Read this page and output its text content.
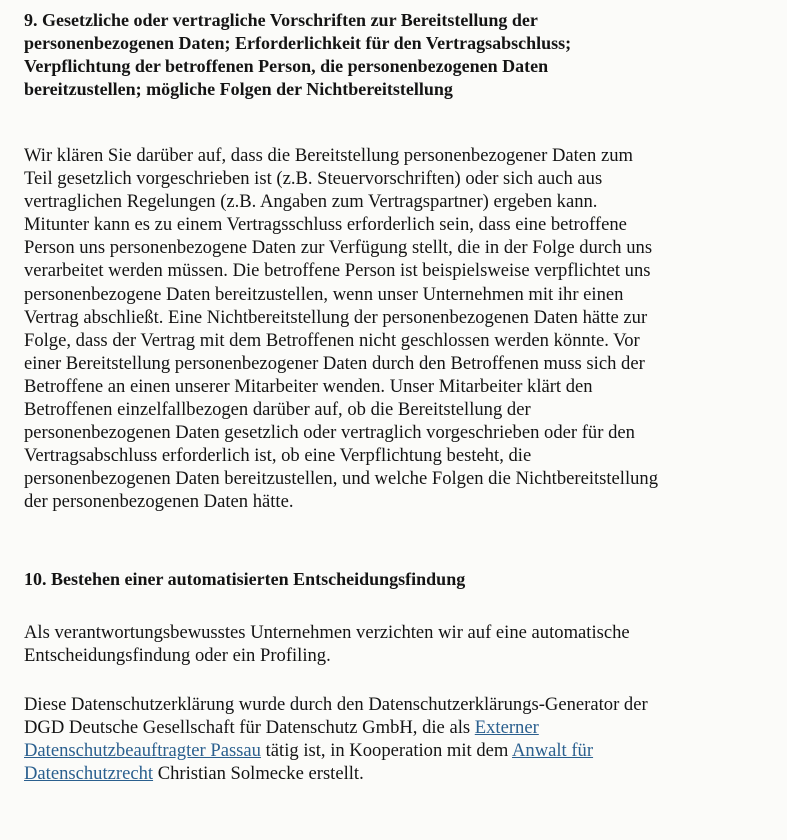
9. Gesetzliche oder vertragliche Vorschriften zur Bereitstellung der
personenbezogenen Daten; Erforderlichkeit für den Vertragsabschluss;
Verpflichtung der betroffenen Person, die personenbezogenen Daten
bereitzustellen; mögliche Folgen der Nichtbereitstellung

Wir klären Sie darüber auf, dass die Bereitstellung personenbezogener Daten zum
Teil gesetzlich vorgeschrieben ist (z.B. Steuervorschriften) oder sich auch aus
vertraglichen Regelungen (z.B. Angaben zum Vertragspartner) ergeben kann.
Mitunter kann es zu einem Vertragsschluss erforderlich sein, dass eine betroffene
Person uns personenbezogene Daten zur Verfügung stellt, die in der Folge durch uns
verarbeitet werden müssen. Die betroffene Person ist beispielsweise verpflichtet uns
personenbezogene Daten bereitzustellen, wenn unser Unternehmen mit ihr einen
Vertrag abschließt. Eine Nichtbereitstellung der personenbezogenen Daten hätte zur
Folge, dass der Vertrag mit dem Betroffenen nicht geschlossen werden könnte. Vor
einer Bereitstellung personenbezogener Daten durch den Betroffenen muss sich der
Betroffene an einen unserer Mitarbeiter wenden. Unser Mitarbeiter klärt den
Betroffenen einzelfallbezogen darüber auf, ob die Bereitstellung der
personenbezogenen Daten gesetzlich oder vertraglich vorgeschrieben oder für den
Vertragsabschluss erforderlich ist, ob eine Verpflichtung besteht, die
personenbezogenen Daten bereitzustellen, und welche Folgen die Nichtbereitstellung
der personenbezogenen Daten hätte.

10. Bestehen einer automatisierten Entscheidungsfindung

Als verantwortungsbewusstes Unternehmen verzichten wir auf eine automatische
Entscheidungsfindung oder ein Profiling.

Diese Datenschutzerklärung wurde durch den Datenschutzerklärungs-Generator der
DGD Deutsche Gesellschaft für Datenschutz GmbH, die als Externer
Datenschutzbeauftragter Passau tätig ist, in Kooperation mit dem Anwalt für
Datenschutzrecht Christian Solmecke erstellt.
